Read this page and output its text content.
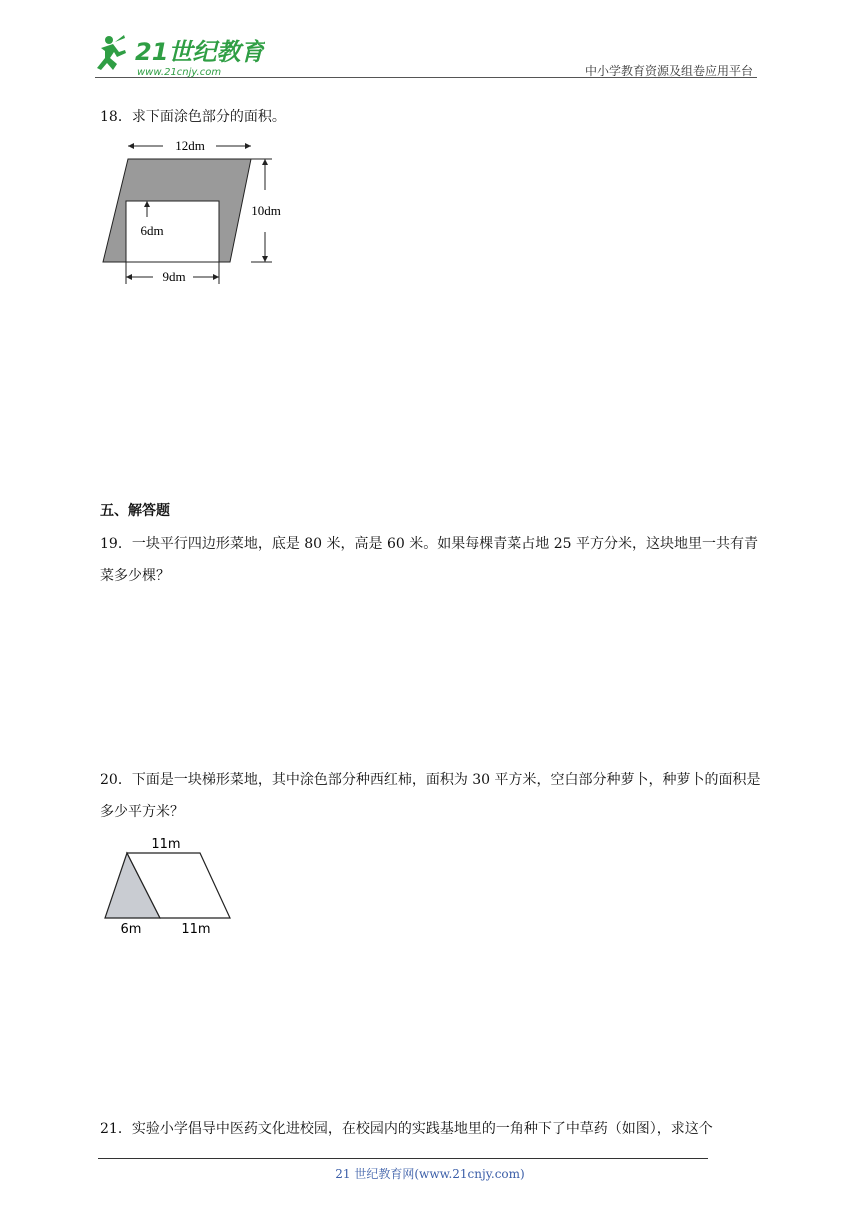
21世纪教育
www.21cnjy.com	中小学教育资源及组卷应用平台
18．求下面涂色部分的面积。
12dm
10dm
6dm
9dm
五、解答题
19．一块平行四边形菜地，底是 80 米，高是 60 米。如果每棵青菜占地 25 平方分米，这块地里一共有青菜多少棵？
20．下面是一块梯形菜地，其中涂色部分种西红柿，面积为 30 平方米，空白部分种萝卜，种萝卜的面积是多少平方米？
11m
6m	11m
21．实验小学倡导中医药文化进校园，在校园内的实践基地里的一角种下了中草药（如图），求这个
21 世纪教育网(www.21cnjy.com)
